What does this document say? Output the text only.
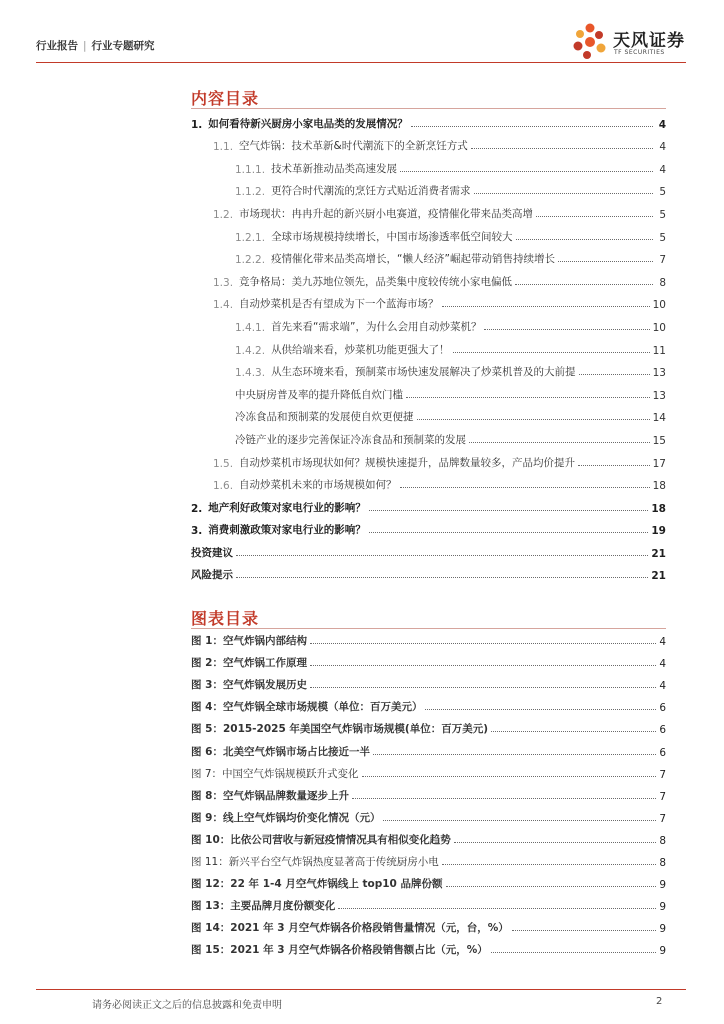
行业报告 | 行业专题研究	天风证券
TF SECURITIES
内容目录
1. 如何看待新兴厨房小家电品类的发展情况？	4
1.1. 空气炸锅：技术革新&时代潮流下的全新烹饪方式	4
1.1.1. 技术革新推动品类高速发展	4
1.1.2. 更符合时代潮流的烹饪方式贴近消费者需求	5
1.2. 市场现状：冉冉升起的新兴厨小电赛道，疫情催化带来品类高增	5
1.2.1. 全球市场规模持续增长，中国市场渗透率低空间较大	5
1.2.2. 疫情催化带来品类高增长，“懒人经济”崛起带动销售持续增长	7
1.3. 竞争格局：美九苏地位领先，品类集中度较传统小家电偏低	8
1.4. 自动炒菜机是否有望成为下一个蓝海市场？	10
1.4.1. 首先来看“需求端”，为什么会用自动炒菜机？	10
1.4.2. 从供给端来看，炒菜机功能更强大了！	11
1.4.3. 从生态环境来看，预制菜市场快速发展解决了炒菜机普及的大前提	13
中央厨房普及率的提升降低自炊门槛	13
冷冻食品和预制菜的发展使自炊更便捷	14
冷链产业的逐步完善保证冷冻食品和预制菜的发展	15
1.5. 自动炒菜机市场现状如何？规模快速提升，品牌数量较多，产品均价提升	17
1.6. 自动炒菜机未来的市场规模如何？	18
2. 地产利好政策对家电行业的影响？	18
3. 消费刺激政策对家电行业的影响？	19
投资建议	21
风险提示	21
图表目录
图 1：空气炸锅内部结构	4
图 2：空气炸锅工作原理	4
图 3：空气炸锅发展历史	4
图 4：空气炸锅全球市场规模（单位：百万美元）	6
图 5：2015-2025 年美国空气炸锅市场规模(单位：百万美元)	6
图 6：北美空气炸锅市场占比接近一半	6
图 7：中国空气炸锅规模跃升式变化	7
图 8：空气炸锅品牌数量逐步上升	7
图 9：线上空气炸锅均价变化情况（元）	7
图 10：比依公司营收与新冠疫情情况具有相似变化趋势	8
图 11：新兴平台空气炸锅热度显著高于传统厨房小电	8
图 12：22 年 1-4 月空气炸锅线上 top10 品牌份额	9
图 13：主要品牌月度份额变化	9
图 14：2021 年 3 月空气炸锅各价格段销售量情况（元，台，%）	9
图 15：2021 年 3 月空气炸锅各价格段销售额占比（元，%）	9
请务必阅读正文之后的信息披露和免责申明	2
